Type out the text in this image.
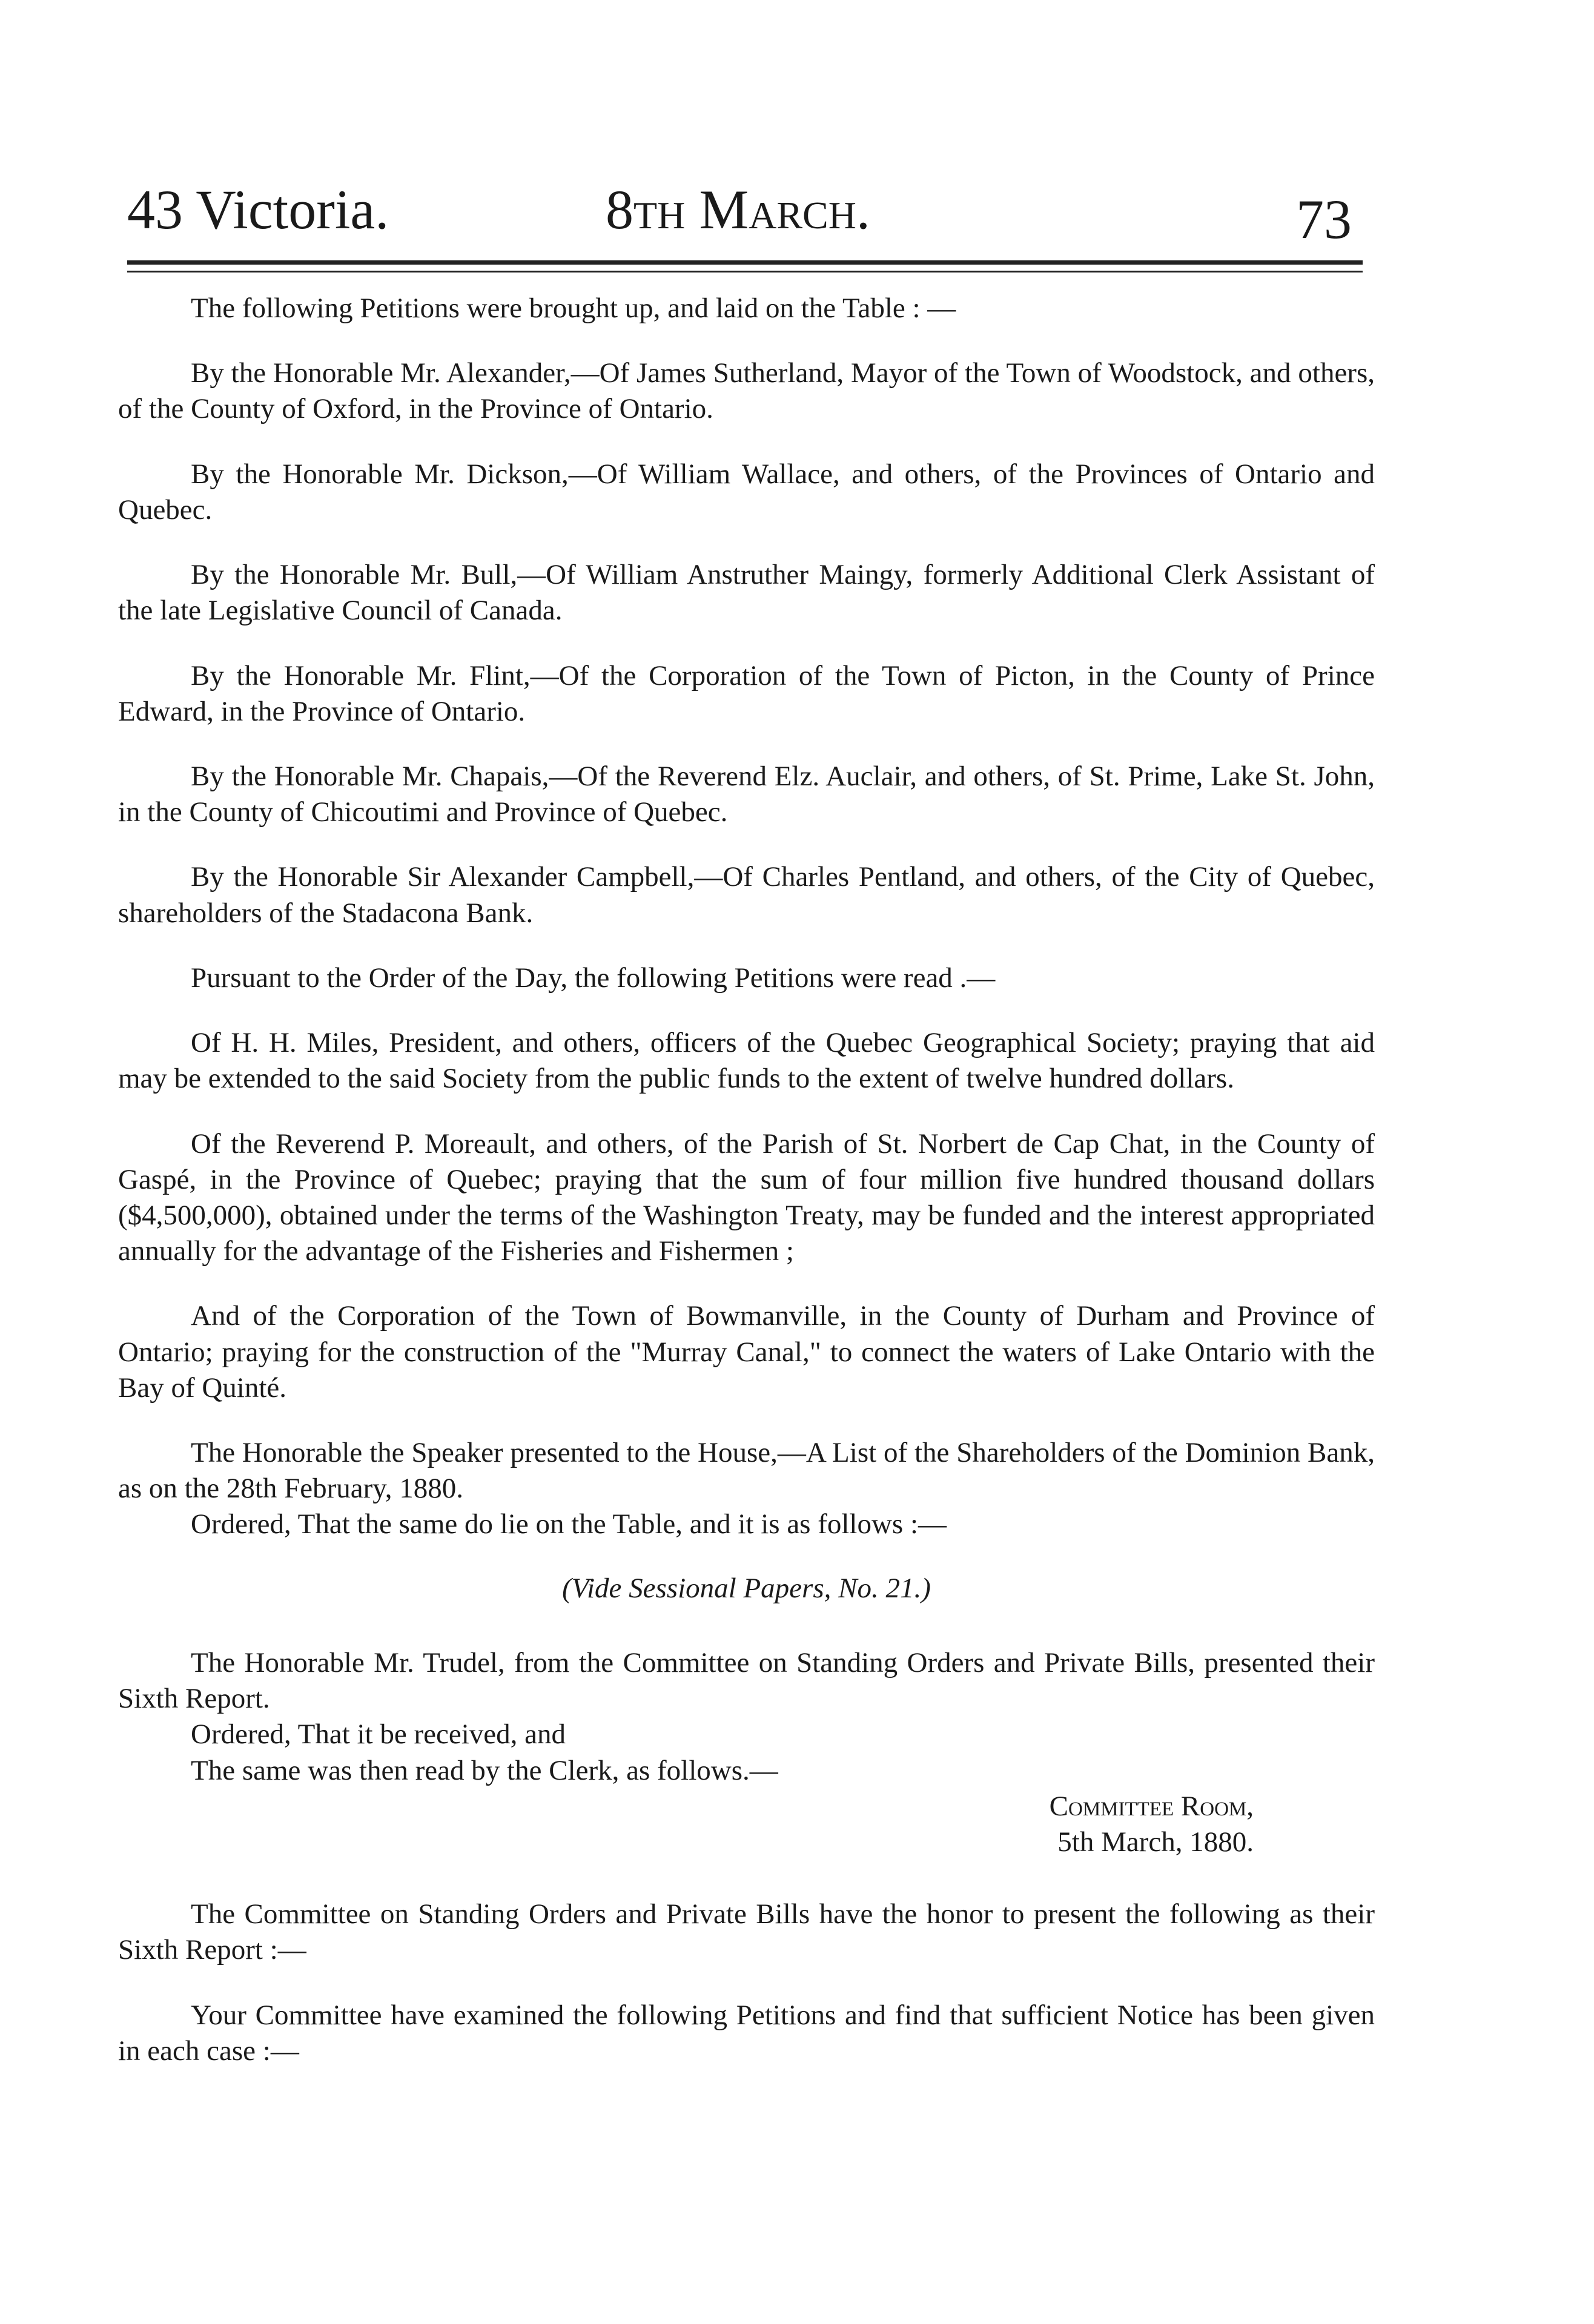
43 Victoria.	8th March.	73

The following Petitions were brought up, and laid on the Table : —

By the Honorable Mr. Alexander,—Of James Sutherland, Mayor of the Town of Woodstock, and others, of the County of Oxford, in the Province of Ontario.

By the Honorable Mr. Dickson,—Of William Wallace, and others, of the Provinces of Ontario and Quebec.

By the Honorable Mr. Bull,—Of William Anstruther Maingy, formerly Additional Clerk Assistant of the late Legislative Council of Canada.

By the Honorable Mr. Flint,—Of the Corporation of the Town of Picton, in the County of Prince Edward, in the Province of Ontario.

By the Honorable Mr. Chapais,—Of the Reverend Elz. Auclair, and others, of St. Prime, Lake St. John, in the County of Chicoutimi and Province of Quebec.

By the Honorable Sir Alexander Campbell,—Of Charles Pentland, and others, of the City of Quebec, shareholders of the Stadacona Bank.

Pursuant to the Order of the Day, the following Petitions were read .—

Of H. H. Miles, President, and others, officers of the Quebec Geographical Society; praying that aid may be extended to the said Society from the public funds to the extent of twelve hundred dollars.

Of the Reverend P. Moreault, and others, of the Parish of St. Norbert de Cap Chat, in the County of Gaspé, in the Province of Quebec; praying that the sum of four million five hundred thousand dollars ($4,500,000), obtained under the terms of the Washington Treaty, may be funded and the interest appropriated annually for the advantage of the Fisheries and Fishermen ;

And of the Corporation of the Town of Bowmanville, in the County of Durham and Province of Ontario; praying for the construction of the "Murray Canal," to connect the waters of Lake Ontario with the Bay of Quinté.

The Honorable the Speaker presented to the House,—A List of the Shareholders of the Dominion Bank, as on the 28th February, 1880.

Ordered, That the same do lie on the Table, and it is as follows :—

(Vide Sessional Papers, No. 21.)

The Honorable Mr. Trudel, from the Committee on Standing Orders and Private Bills, presented their Sixth Report.

Ordered, That it be received, and

The same was then read by the Clerk, as follows.—

Committee Room,

5th March, 1880.

The Committee on Standing Orders and Private Bills have the honor to present the following as their Sixth Report :—

Your Committee have examined the following Petitions and find that sufficient Notice has been given in each case :—
